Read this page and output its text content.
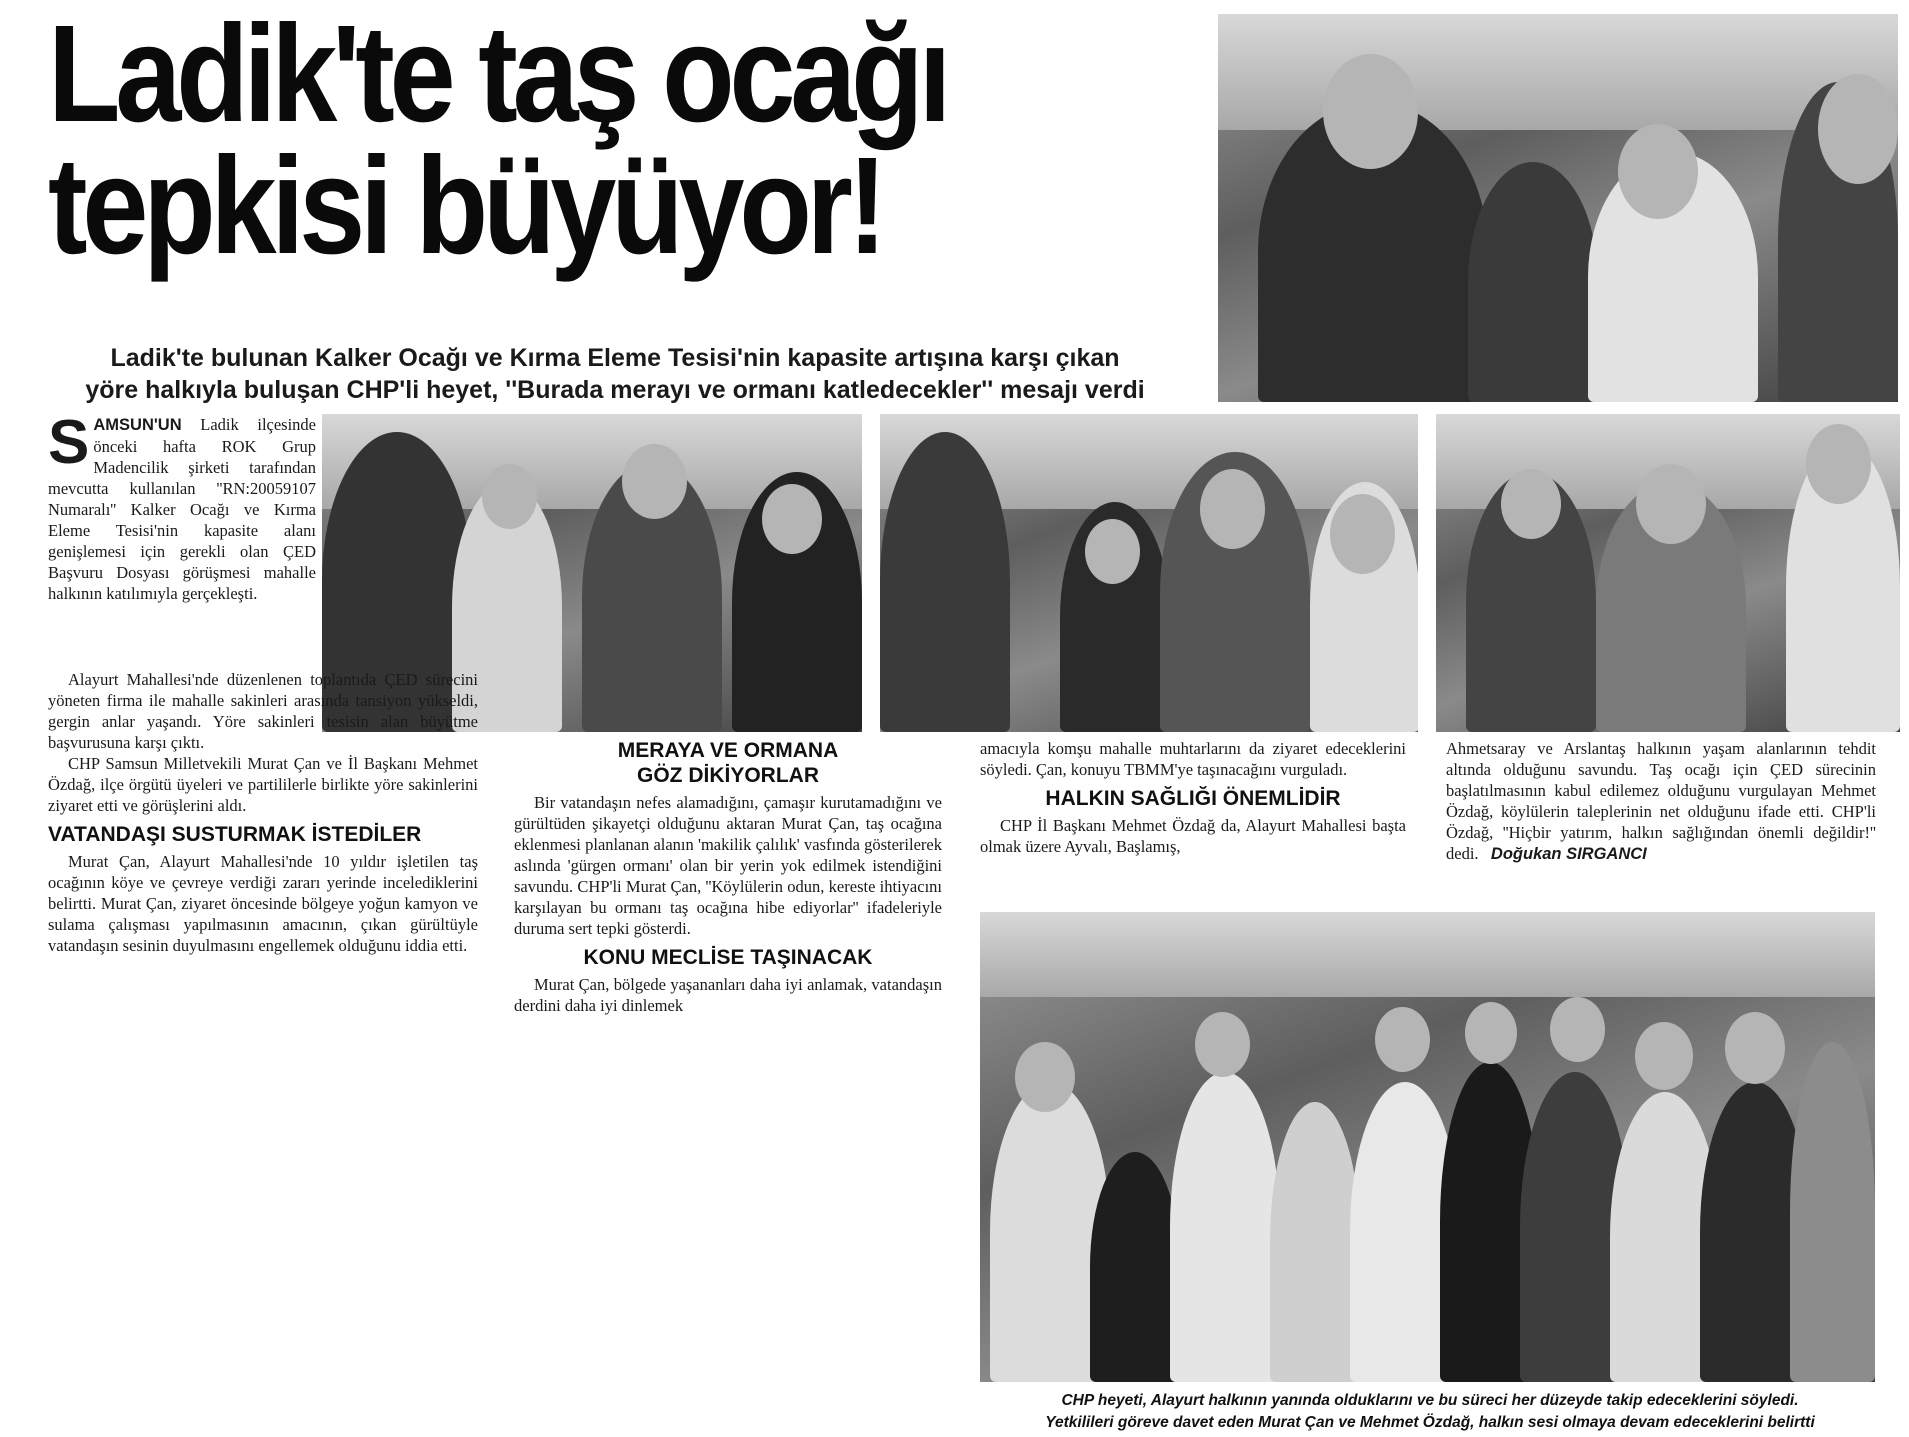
Ladik'te taş ocağı
tepkisi büyüyor!
Ladik'te bulunan Kalker Ocağı ve Kırma Eleme Tesisi'nin kapasite artışına karşı çıkan
yöre halkıyla buluşan CHP'li heyet, ''Burada merayı ve ormanı katledecekler'' mesajı verdi

SAMSUN'UN Ladik ilçesinde önceki hafta ROK Grup Madencilik şirketi tarafından mevcutta kullanılan ''RN:20059107 Numaralı'' Kalker Ocağı ve Kırma Eleme Tesisi'nin kapasite alanı genişlemesi için gerekli olan ÇED Başvuru Dosyası görüşmesi mahalle halkının katılımıyla gerçekleşti.

Alayurt Mahallesi'nde düzenlenen toplantıda ÇED sürecini yöneten firma ile mahalle sakinleri arasında tansiyon yükseldi, gergin anlar yaşandı. Yöre sakinleri tesisin alan büyütme başvurusuna karşı çıktı.

CHP Samsun Milletvekili Murat Çan ve İl Başkanı Mehmet Özdağ, ilçe örgütü üyeleri ve partililerle birlikte yöre sakinlerini ziyaret etti ve görüşlerini aldı.

VATANDAŞI SUSTURMAK İSTEDİLER

Murat Çan, Alayurt Mahallesi'nde 10 yıldır işletilen taş ocağının köye ve çevreye verdiği zararı yerinde incelediklerini belirtti. Murat Çan, ziyaret öncesinde bölgeye yoğun kamyon ve sulama çalışması yapılmasının amacının, çıkan gürültüyle vatandaşın sesinin duyulmasını engellemek olduğunu iddia etti.

MERAYA VE ORMANA
GÖZ DİKİYORLAR

Bir vatandaşın nefes alamadığını, çamaşır kurutamadığını ve gürültüden şikayetçi olduğunu aktaran Murat Çan, taş ocağına eklenmesi planlanan alanın 'makilik çalılık' vasfında gösterilerek aslında 'gürgen ormanı' olan bir yerin yok edilmek istendiğini savundu. CHP'li Murat Çan, ''Köylülerin odun, kereste ihtiyacını karşılayan bu ormanı taş ocağına hibe ediyorlar'' ifadeleriyle duruma sert tepki gösterdi.

KONU MECLİSE TAŞINACAK

Murat Çan, bölgede yaşananları daha iyi anlamak, vatandaşın derdini daha iyi dinlemek

amacıyla komşu mahalle muhtarlarını da ziyaret edeceklerini söyledi. Çan, konuyu TBMM'ye taşınacağını vurguladı.

HALKIN SAĞLIĞI ÖNEMLİDİR

CHP İl Başkanı Mehmet Özdağ da, Alayurt Mahallesi başta olmak üzere Ayvalı, Başlamış,

Ahmetsaray ve Arslantaş halkının yaşam alanlarının tehdit altında olduğunu savundu. Taş ocağı için ÇED sürecinin başlatılmasının kabul edilemez olduğunu vurgulayan Mehmet Özdağ, köylülerin taleplerinin net olduğunu ifade etti. CHP'li Özdağ, ''Hiçbir yatırım, halkın sağlığından önemli değildir!'' dedi. Doğukan SIRGANCI

CHP heyeti, Alayurt halkının yanında olduklarını ve bu süreci her düzeyde takip edeceklerini söyledi.
Yetkilileri göreve davet eden Murat Çan ve Mehmet Özdağ, halkın sesi olmaya devam edeceklerini belirtti
